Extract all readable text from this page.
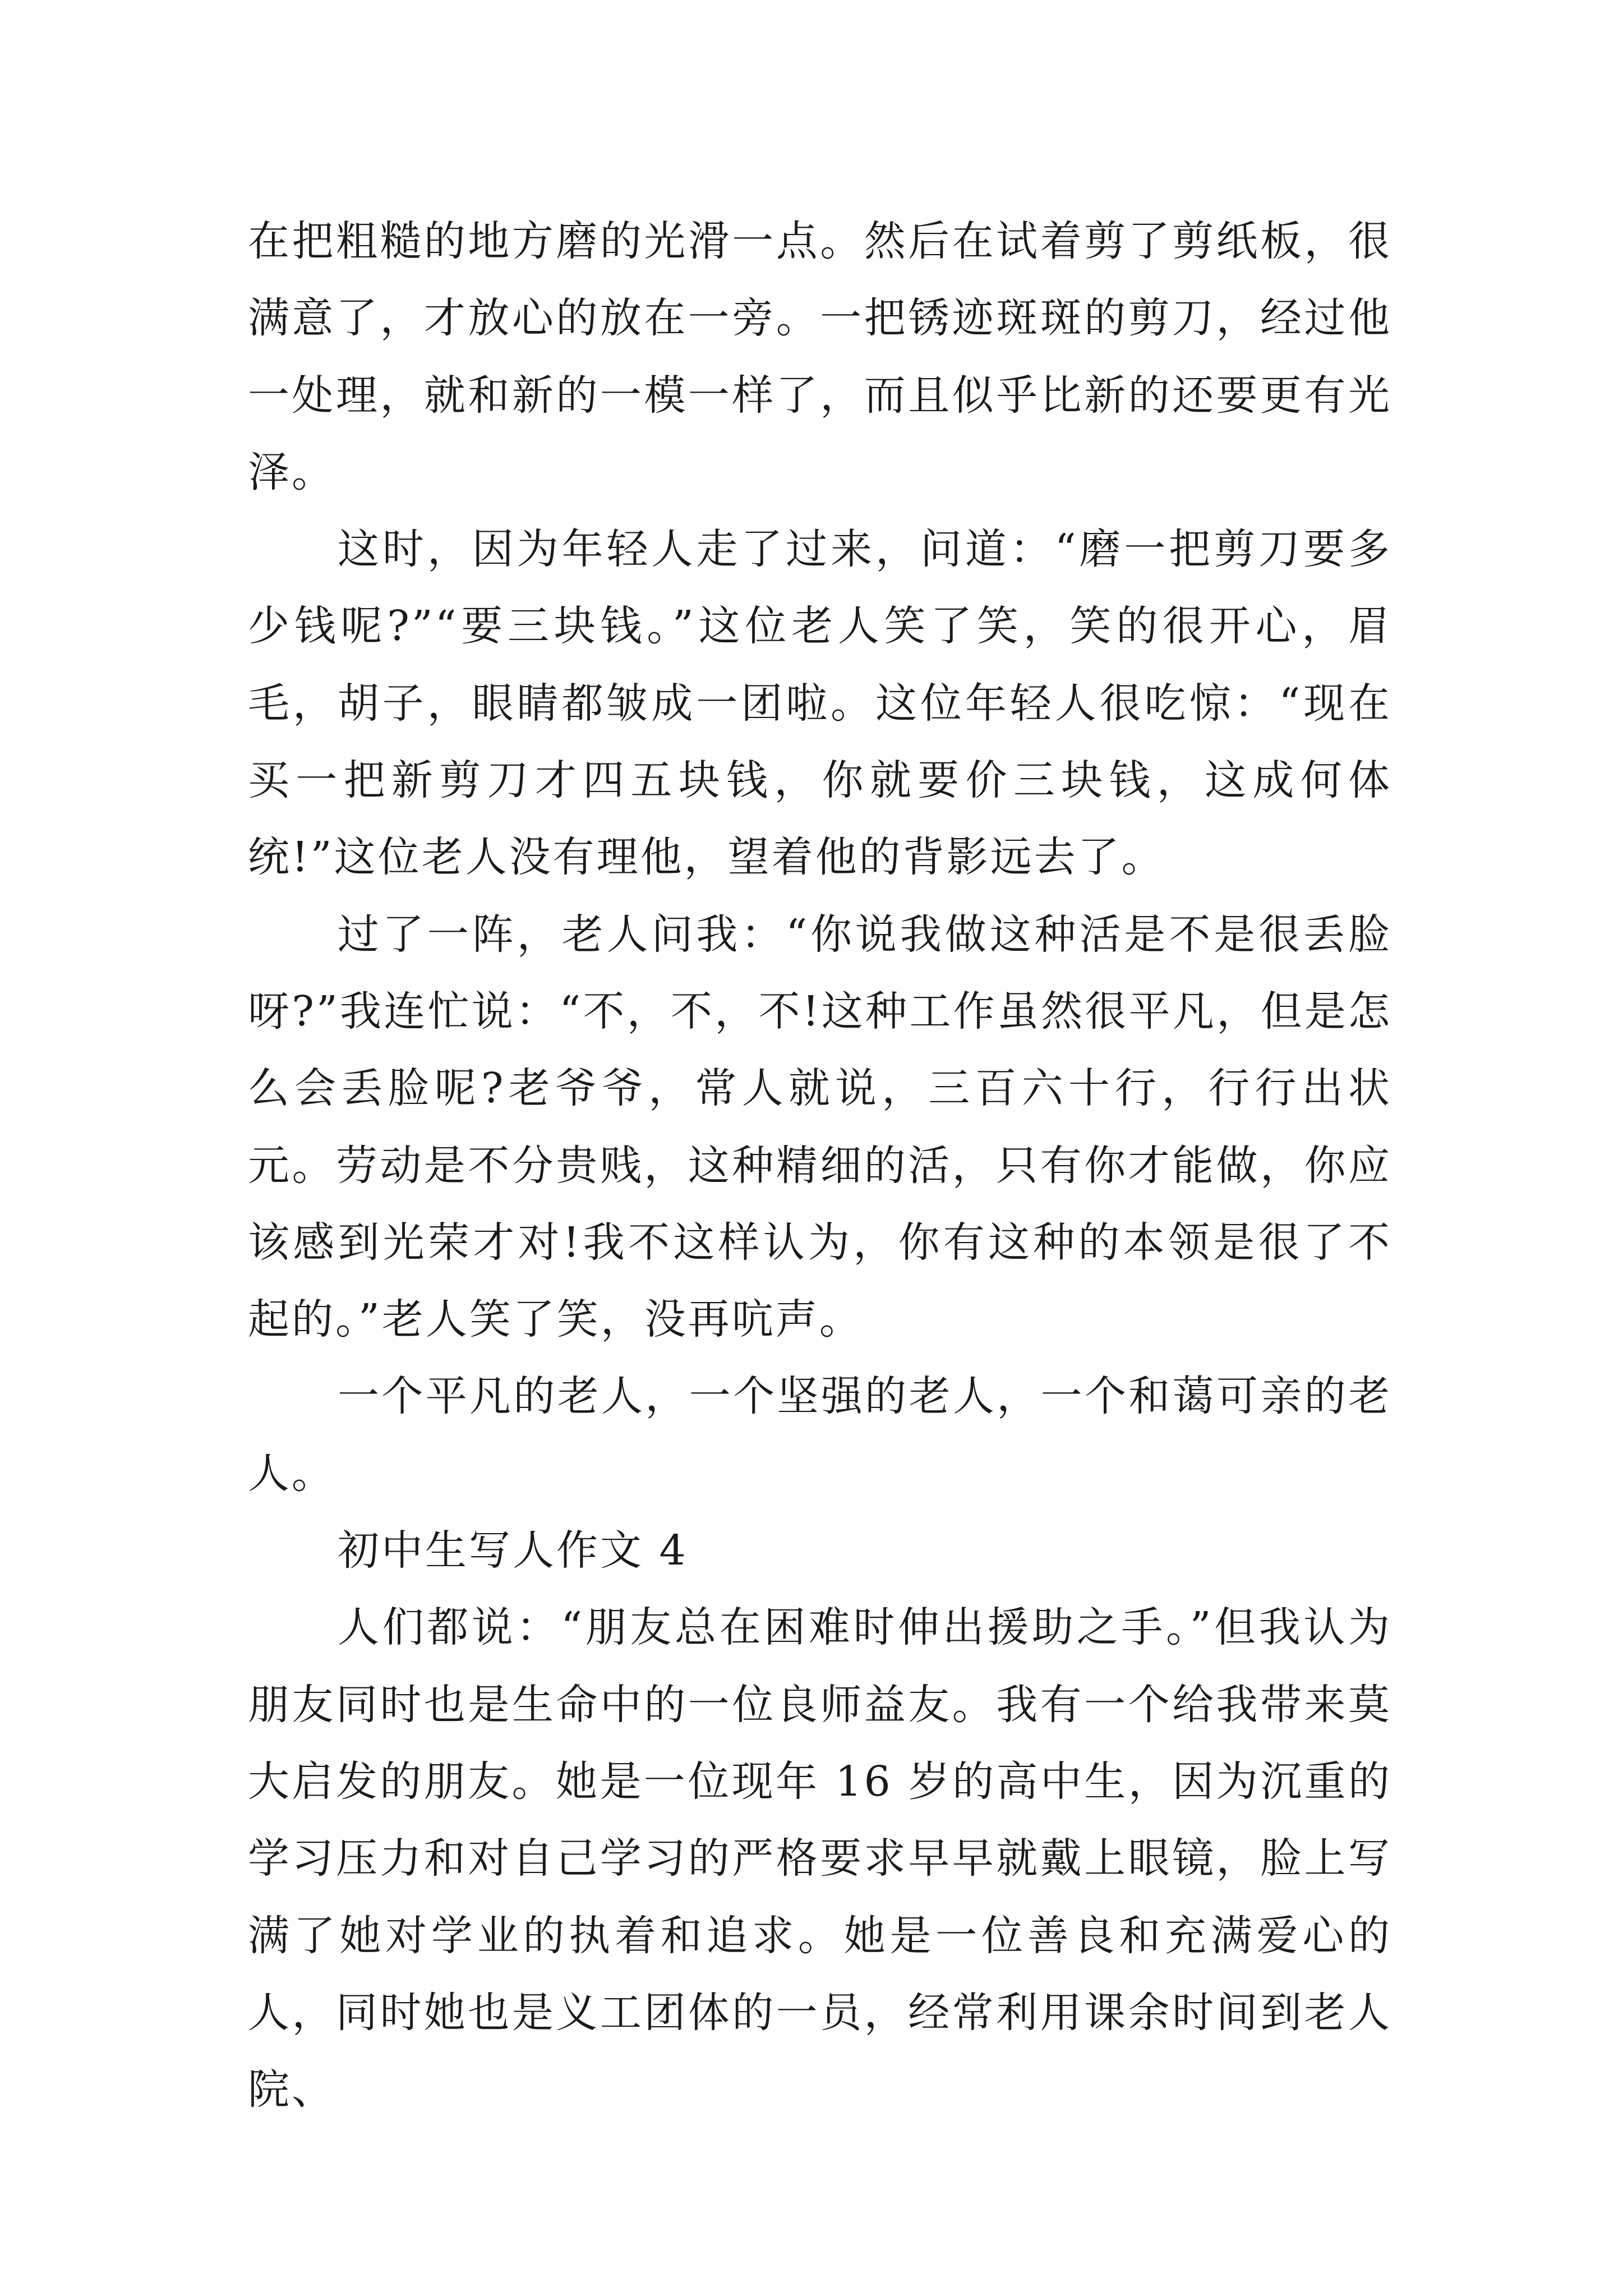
在把粗糙的地方磨的光滑一点。然后在试着剪了剪纸板，很满意了，才放心的放在一旁。一把锈迹斑斑的剪刀，经过他一处理，就和新的一模一样了，而且似乎比新的还要更有光泽。

这时，因为年轻人走了过来，问道：“磨一把剪刀要多少钱呢?”“要三块钱。”这位老人笑了笑，笑的很开心，眉毛，胡子，眼睛都皱成一团啦。这位年轻人很吃惊：“现在买一把新剪刀才四五块钱，你就要价三块钱，这成何体统!”这位老人没有理他，望着他的背影远去了。

过了一阵，老人问我：“你说我做这种活是不是很丢脸呀?”我连忙说：“不，不，不!这种工作虽然很平凡，但是怎么会丢脸呢?老爷爷，常人就说，三百六十行，行行出状元。劳动是不分贵贱，这种精细的活，只有你才能做，你应该感到光荣才对!我不这样认为，你有这种的本领是很了不起的。”老人笑了笑，没再吭声。

一个平凡的老人，一个坚强的老人，一个和蔼可亲的老人。

初中生写人作文 4

人们都说：“朋友总在困难时伸出援助之手。”但我认为朋友同时也是生命中的一位良师益友。我有一个给我带来莫大启发的朋友。她是一位现年 16 岁的高中生，因为沉重的学习压力和对自己学习的严格要求早早就戴上眼镜，脸上写满了她对学业的执着和追求。她是一位善良和充满爱心的人，同时她也是义工团体的一员，经常利用课余时间到老人院、
